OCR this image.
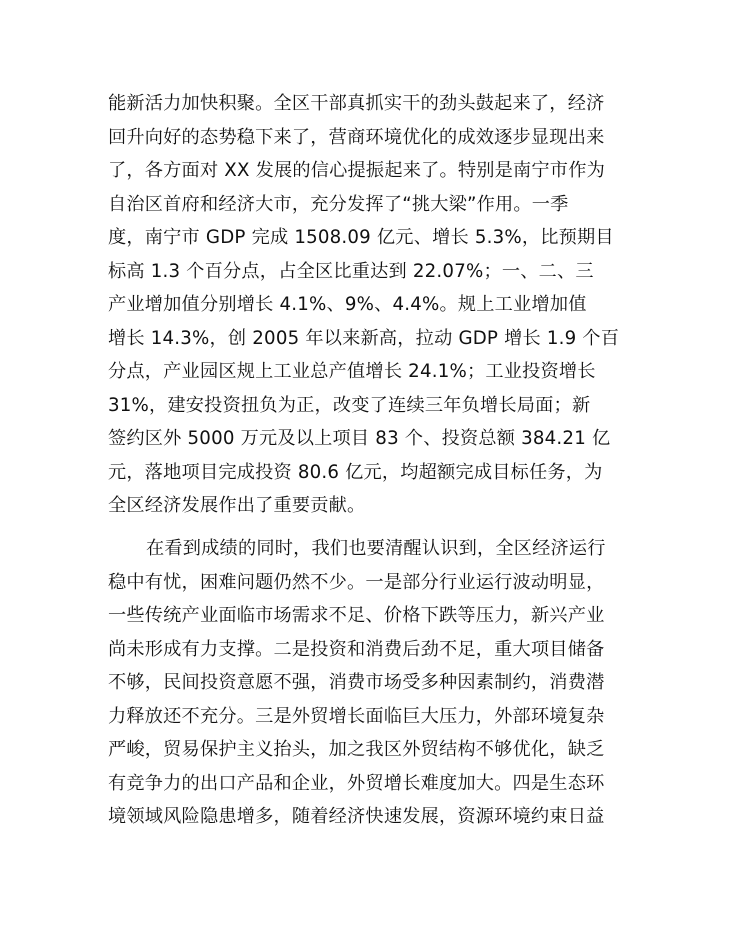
能新活力加快积聚。全区干部真抓实干的劲头鼓起来了，经济
回升向好的态势稳下来了，营商环境优化的成效逐步显现出来
了，各方面对 XX 发展的信心提振起来了。特别是南宁市作为
自治区首府和经济大市，充分发挥了“挑大梁”作用。一季
度，南宁市 GDP 完成 1508.09 亿元、增长 5.3%，比预期目
标高 1.3 个百分点，占全区比重达到 22.07%；一、二、三
产业增加值分别增长 4.1%、9%、4.4%。规上工业增加值
增长 14.3%，创 2005 年以来新高，拉动 GDP 增长 1.9 个百
分点，产业园区规上工业总产值增长 24.1%；工业投资增长
31%，建安投资扭负为正，改变了连续三年负增长局面；新
签约区外 5000 万元及以上项目 83 个、投资总额 384.21 亿
元，落地项目完成投资 80.6 亿元，均超额完成目标任务，为
全区经济发展作出了重要贡献。
在看到成绩的同时，我们也要清醒认识到，全区经济运行
稳中有忧，困难问题仍然不少。一是部分行业运行波动明显，
一些传统产业面临市场需求不足、价格下跌等压力，新兴产业
尚未形成有力支撑。二是投资和消费后劲不足，重大项目储备
不够，民间投资意愿不强，消费市场受多种因素制约，消费潜
力释放还不充分。三是外贸增长面临巨大压力，外部环境复杂
严峻，贸易保护主义抬头，加之我区外贸结构不够优化，缺乏
有竞争力的出口产品和企业，外贸增长难度加大。四是生态环
境领域风险隐患增多，随着经济快速发展，资源环境约束日益
